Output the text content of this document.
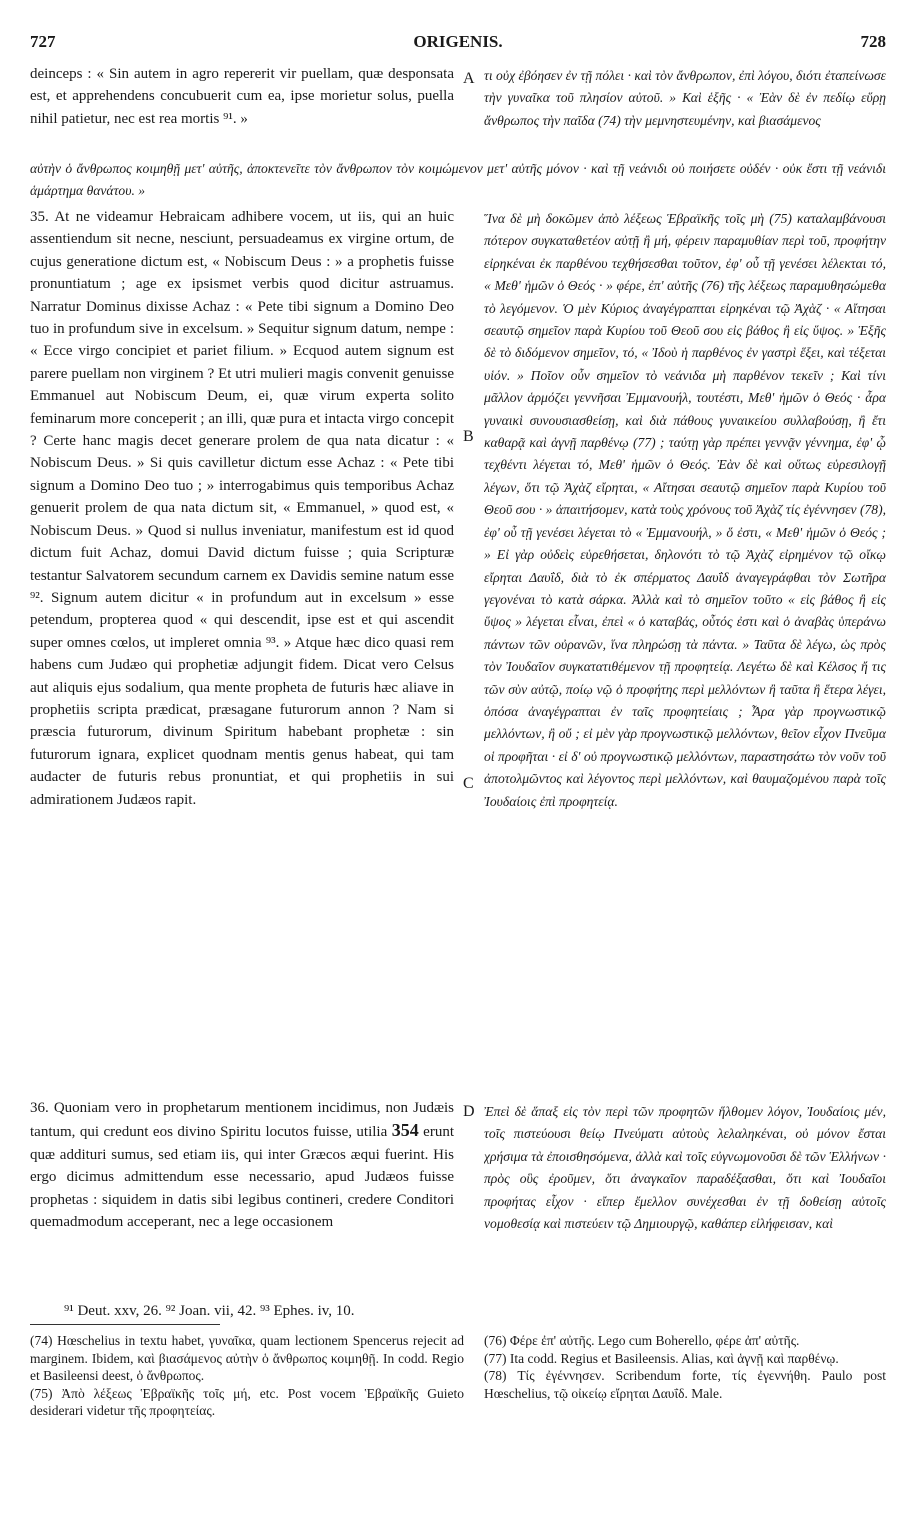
727	ORIGENIS.	728

deinceps : « Sin autem in agro repererit vir puellam, quæ desponsata est, et apprehendens concubuerit cum ea, ipse morietur solus, puella nihil patietur, nec est rea mortis ⁹¹. »

τι οὐχ ἐβόησεν ἐν τῇ πόλει · καὶ τὸν ἄνθρωπον, ἐπὶ λόγου, διότι ἐταπείνωσε τὴν γυναῖκα τοῦ πλησίον αὐτοῦ. » Καὶ ἑξῆς · « Ἐὰν δὲ ἐν πεδίῳ εὕρῃ ἄνθρωπος τὴν παῖδα (74) τὴν μεμνηστευμένην, καὶ βιασάμενος

αὐτὴν ὁ ἄνθρωπος κοιμηθῇ μετ' αὐτῆς, ἀποκτενεῖτε τὸν ἄνθρωπον τὸν κοιμώμενον μετ' αὐτῆς μόνον · καὶ τῇ νεάνιδι οὐ ποιήσετε οὐδέν · οὐκ ἔστι τῇ νεάνιδι ἁμάρτημα θανάτου. »

35. At ne videamur Hebraicam adhibere vocem, ut iis, qui an huic assentiendum sit necne, nesciunt, persuadeamus ex virgine ortum, de cujus generatione dictum est, « Nobiscum Deus : » a prophetis fuisse pronuntiatum ; age ex ipsismet verbis quod dicitur astruamus. Narratur Dominus dixisse Achaz : « Pete tibi signum a Domino Deo tuo in profundum sive in excelsum. » Sequitur signum datum, nempe : « Ecce virgo concipiet et pariet filium. » Ecquod autem signum est parere puellam non virginem ? Et utri mulieri magis convenit genuisse Emmanuel aut Nobiscum Deum, ei, quæ virum experta solito feminarum more conceperit ; an illi, quæ pura et intacta virgo concepit ? Certe hanc magis decet generare prolem de qua nata dicatur : « Nobiscum Deus. » Si quis cavilletur dictum esse Achaz : « Pete tibi signum a Domino Deo tuo ; » interrogabimus quis temporibus Achaz genuerit prolem de qua nata dictum sit, « Emmanuel, » quod est, « Nobiscum Deus. » Quod si nullus inveniatur, manifestum est id quod dictum fuit Achaz, domui David dictum fuisse ; quia Scripturæ testantur Salvatorem secundum carnem ex Davidis semine natum esse ⁹². Signum autem dicitur « in profundum aut in excelsum » esse petendum, propterea quod « qui descendit, ipse est et qui ascendit super omnes cœlos, ut impleret omnia ⁹³. » Atque hæc dico quasi rem habens cum Judæo qui prophetiæ adjungit fidem. Dicat vero Celsus aut aliquis ejus sodalium, qua mente propheta de futuris hæc aliave in prophetiis scripta prædicat, præsagane futurorum annon ? Nam si præscia futurorum, divinum Spiritum habebant prophetæ : sin futurorum ignara, explicet quodnam mentis genus habeat, qui tam audacter de futuris rebus pronuntiat, et qui prophetiis in sui admirationem Judæos rapit.

Ἵνα δὲ μὴ δοκῶμεν ἀπὸ λέξεως Ἑβραϊκῆς τοῖς μὴ (75) καταλαμβάνουσι πότερον συγκαταθετέον αὐτῇ ἢ μή, φέρειν παραμυθίαν περὶ τοῦ, προφήτην εἰρηκέναι ἐκ παρθένου τεχθήσεσθαι τοῦτον, ἐφ' οὗ τῇ γενέσει λέλεκται τό, « Μεθ' ἡμῶν ὁ Θεός · » φέρε, ἐπ' αὐτῆς (76) τῆς λέξεως παραμυθησώμεθα τὸ λεγόμενον. Ὁ μὲν Κύριος ἀναγέγραπται εἰρηκέναι τῷ Ἀχὰζ · « Αἴτησαι σεαυτῷ σημεῖον παρὰ Κυρίου τοῦ Θεοῦ σου εἰς βάθος ἢ εἰς ὕψος. » Ἑξῆς δὲ τὸ διδόμενον σημεῖον, τό, « Ἰδοὺ ἡ παρθένος ἐν γαστρὶ ἕξει, καὶ τέξεται υἱόν. » Ποῖον οὖν σημεῖον τὸ νεάνιδα μὴ παρθένον τεκεῖν ; Καὶ τίνι μᾶλλον ἁρμόζει γεννῆσαι Ἐμμανουήλ, τουτέστι, Μεθ' ἡμῶν ὁ Θεός · ἆρα γυναικὶ συνουσιασθείσῃ, καὶ διὰ πάθους γυναικείου συλλαβούσῃ, ἢ ἔτι καθαρᾷ καὶ ἁγνῇ παρθένῳ (77) ; ταύτῃ γὰρ πρέπει γεννᾷν γέννημα, ἐφ' ᾧ τεχθέντι λέγεται τό, Μεθ' ἡμῶν ὁ Θεός. Ἐὰν δὲ καὶ οὕτως εὑρεσιλογῇ λέγων, ὅτι τῷ Ἀχὰζ εἴρηται, « Αἴτησαι σεαυτῷ σημεῖον παρὰ Κυρίου τοῦ Θεοῦ σου · » ἀπαιτήσομεν, κατὰ τοὺς χρόνους τοῦ Ἀχὰζ τίς ἐγέννησεν (78), ἐφ' οὗ τῇ γενέσει λέγεται τὸ « Ἐμμανουήλ, » ὅ ἐστι, « Μεθ' ἡμῶν ὁ Θεός ; » Εἰ γὰρ οὐδεὶς εὑρεθήσεται, δηλονότι τὸ τῷ Ἀχὰζ εἰρημένον τῷ οἴκῳ εἴρηται Δαυΐδ, διὰ τὸ ἐκ σπέρματος Δαυΐδ ἀναγεγράφθαι τὸν Σωτῆρα γεγονέναι τὸ κατὰ σάρκα. Ἀλλὰ καὶ τὸ σημεῖον τοῦτο « εἰς βάθος ἢ εἰς ὕψος » λέγεται εἶναι, ἐπεὶ « ὁ καταβάς, οὗτός ἐστι καὶ ὁ ἀναβὰς ὑπεράνω πάντων τῶν οὐρανῶν, ἵνα πληρώσῃ τὰ πάντα. » Ταῦτα δὲ λέγω, ὡς πρὸς τὸν Ἰουδαῖον συγκατατιθέμενον τῇ προφητείᾳ. Λεγέτω δὲ καὶ Κέλσος ἤ τις τῶν σὺν αὐτῷ, ποίῳ νῷ ὁ προφήτης περὶ μελλόντων ἢ ταῦτα ἢ ἕτερα λέγει, ὁπόσα ἀναγέγραπται ἐν ταῖς προφητείαις ; Ἆρα γὰρ προγνωστικῷ μελλόντων, ἢ οὔ ; εἰ μὲν γὰρ προγνωστικῷ μελλόντων, θεῖον εἶχον Πνεῦμα οἱ προφῆται · εἰ δ' οὐ προγνωστικῷ μελλόντων, παραστησάτω τὸν νοῦν τοῦ ἀποτολμῶντος καὶ λέγοντος περὶ μελλόντων, καὶ θαυμαζομένου παρὰ τοῖς Ἰουδαίοις ἐπὶ προφητείᾳ.

36. Quoniam vero in prophetarum mentionem incidimus, non Judæis tantum, qui credunt eos divino Spiritu locutos fuisse, utilia 354 erunt quæ addituri sumus, sed etiam iis, qui inter Græcos æqui fuerint. His ergo dicimus admittendum esse necessario, apud Judæos fuisse prophetas : siquidem in datis sibi legibus contineri, credere Conditori quemadmodum acceperant, nec a lege occasionem

Ἐπεὶ δὲ ἅπαξ εἰς τὸν περὶ τῶν προφητῶν ἥλθομεν λόγον, Ἰουδαίοις μέν, τοῖς πιστεύουσι θείῳ Πνεύματι αὐτοὺς λελαληκέναι, οὐ μόνον ἔσται χρήσιμα τὰ ἐποισθησόμενα, ἀλλὰ καὶ τοῖς εὐγνωμονοῦσι δὲ τῶν Ἑλλήνων · πρὸς οὓς ἐροῦμεν, ὅτι ἀναγκαῖον παραδέξασθαι, ὅτι καὶ Ἰουδαῖοι προφήτας εἶχον · εἴπερ ἔμελλον συνέχεσθαι ἐν τῇ δοθείσῃ αὐτοῖς νομοθεσίᾳ καὶ πιστεύειν τῷ Δημιουργῷ, καθάπερ εἰλήφεισαν, καὶ

A
B
C
D
⁹¹ Deut. xxv, 26. ⁹² Joan. vii, 42. ⁹³ Ephes. iv, 10.

(74) Hœschelius in textu habet, γυναῖκα, quam lectionem Spencerus rejecit ad marginem. Ibidem, καὶ βιασάμενος αὐτὴν ὁ ἄνθρωπος κοιμηθῇ. In codd. Regio et Basileensi deest, ὁ ἄνθρωπος.

(75) Ἀπὸ λέξεως Ἑβραϊκῆς τοῖς μή, etc. Post vocem Ἑβραϊκῆς Guieto desiderari videtur τῆς προφητείας.

(76) Φέρε ἐπ' αὐτῆς. Lego cum Boherello, φέρε ἀπ' αὐτῆς.

(77) Ita codd. Regius et Basileensis. Alias, καὶ ἁγνῇ καὶ παρθένῳ.

(78) Τίς ἐγέννησεν. Scribendum forte, τίς ἐγεννήθη. Paulo post Hœschelius, τῷ οἰκείῳ εἴρηται Δαυΐδ. Male.
